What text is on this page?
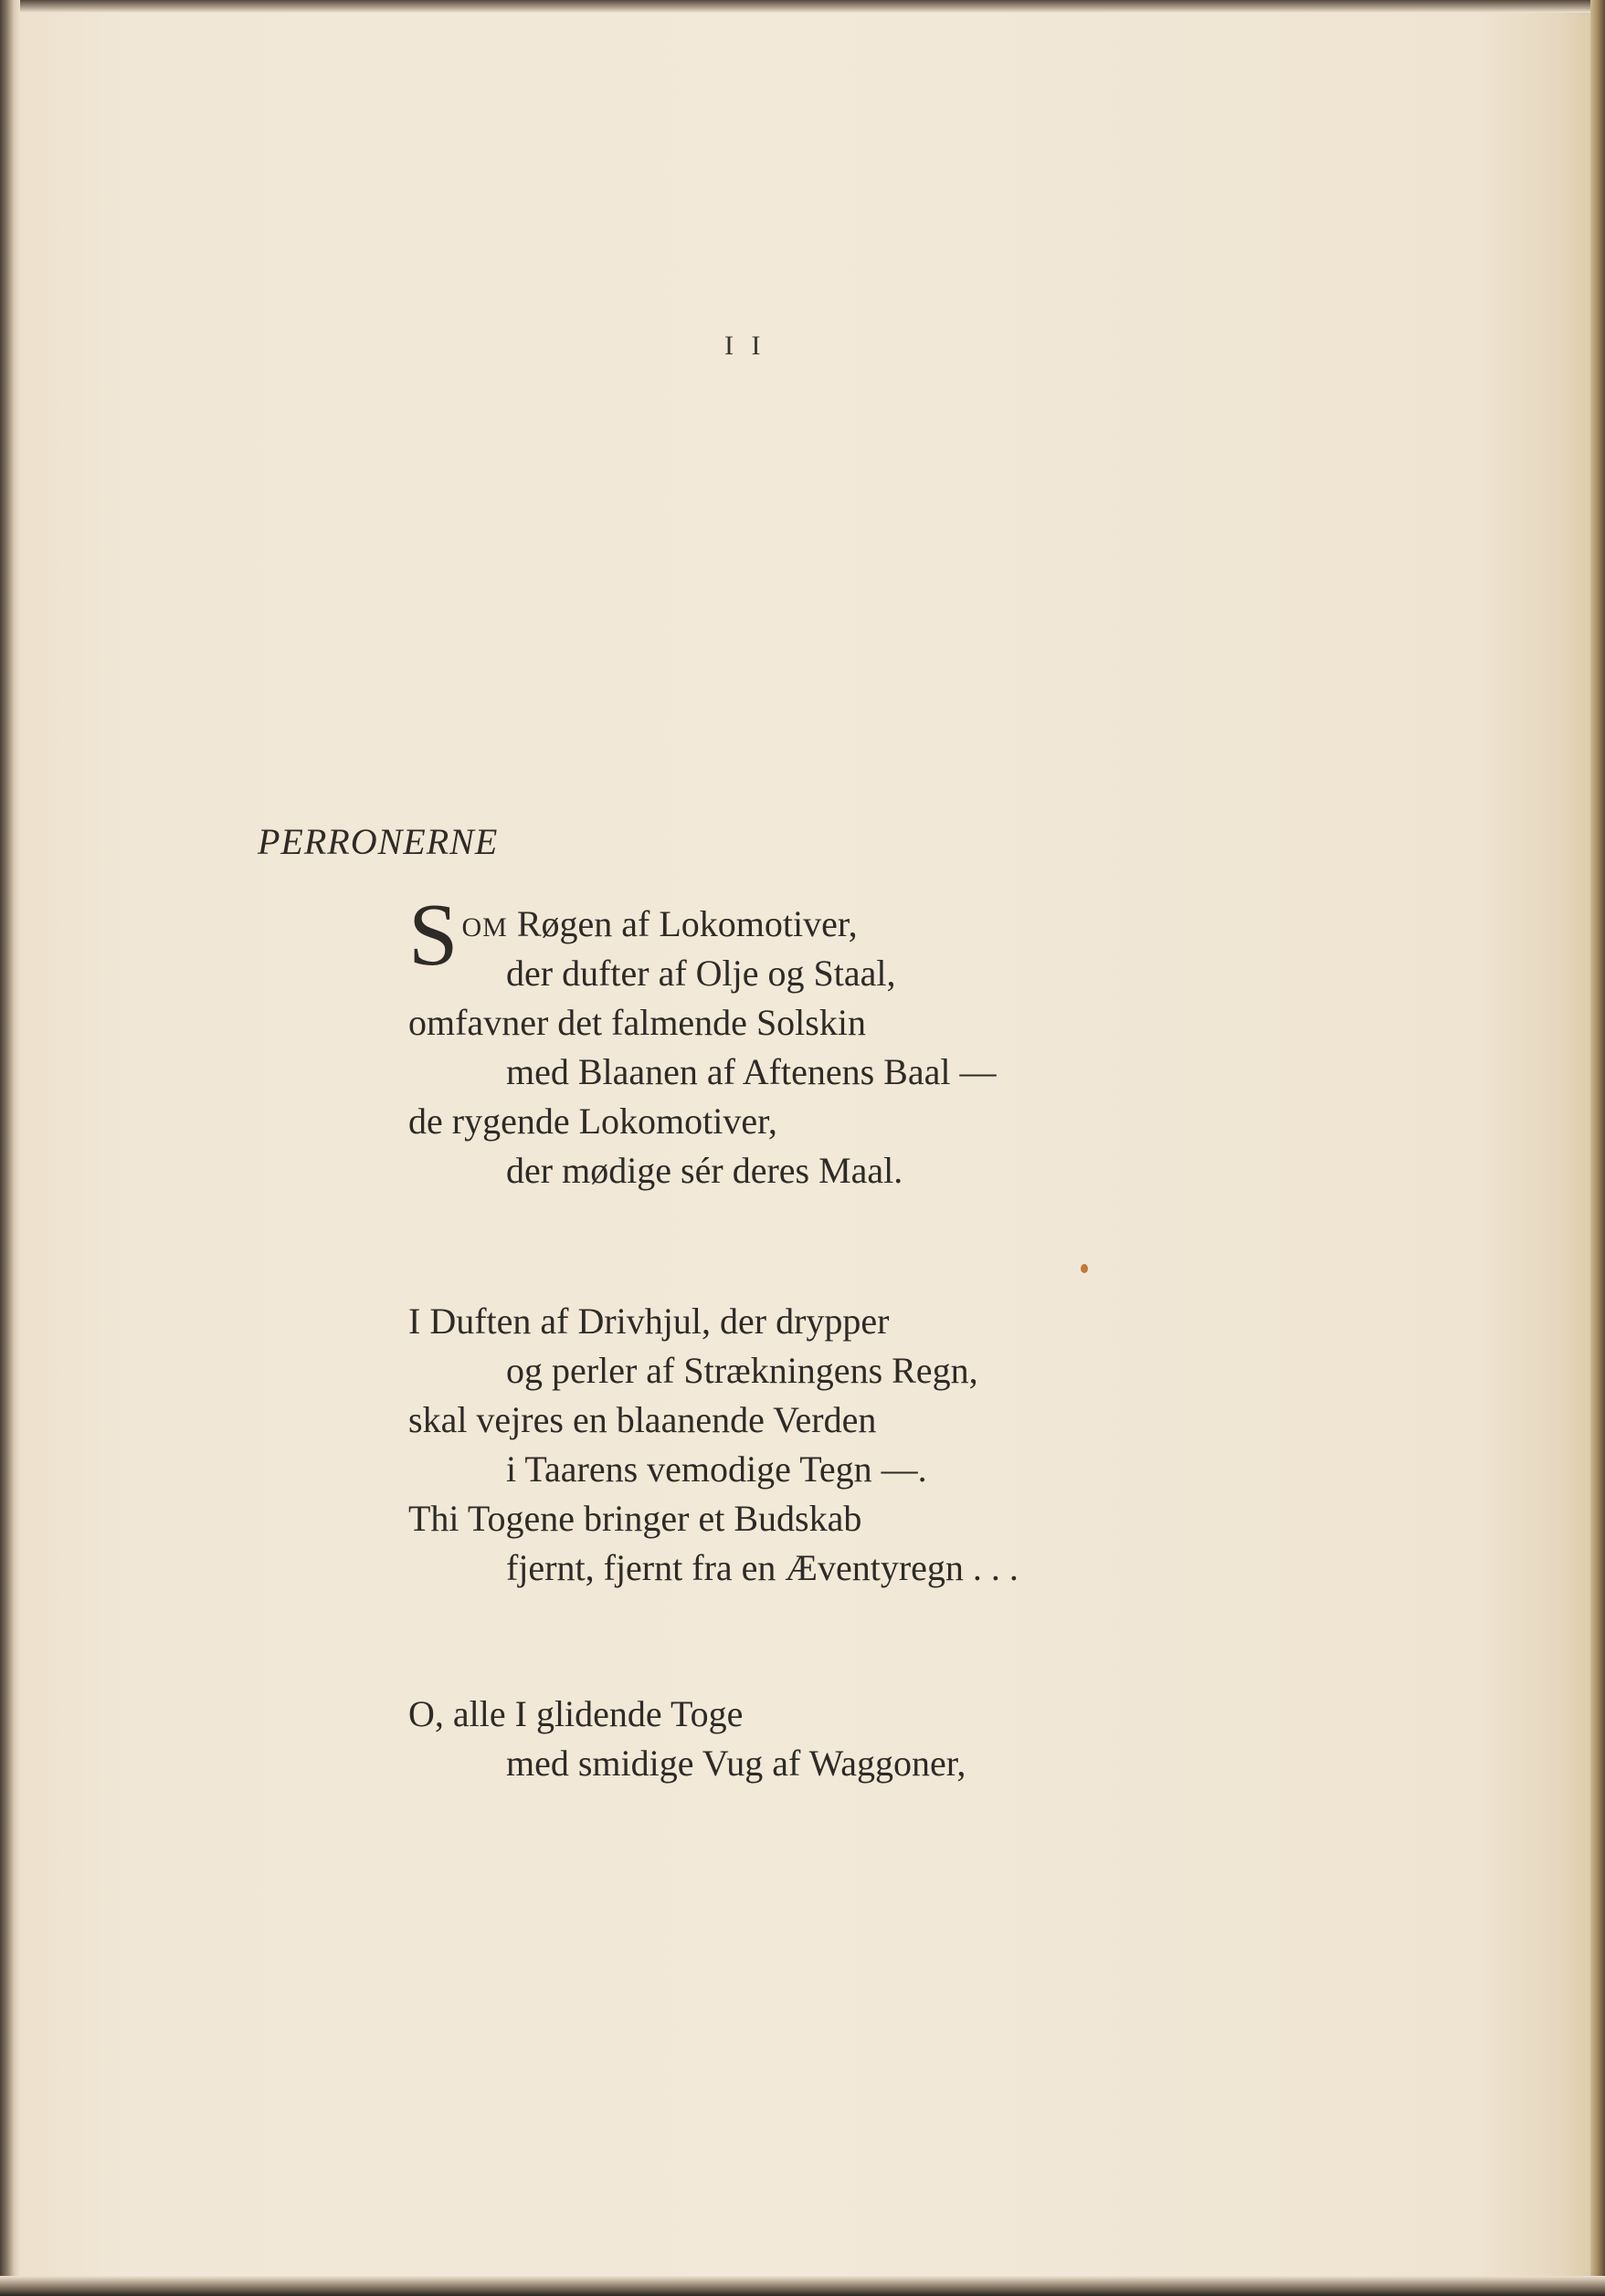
I I
PERRONERNE
SOM Røgen af Lokomotiver,
der dufter af Olje og Staal,
omfavner det falmende Solskin
med Blaanen af Aftenens Baal —
de rygende Lokomotiver,
der mødige sér deres Maal.
I Duften af Drivhjul, der drypper
og perler af Strækningens Regn,
skal vejres en blaanende Verden
i Taarens vemodige Tegn —.
Thi Togene bringer et Budskab
fjernt, fjernt fra en Æventyregn . . .
O, alle I glidende Toge
med smidige Vug af Waggoner,
